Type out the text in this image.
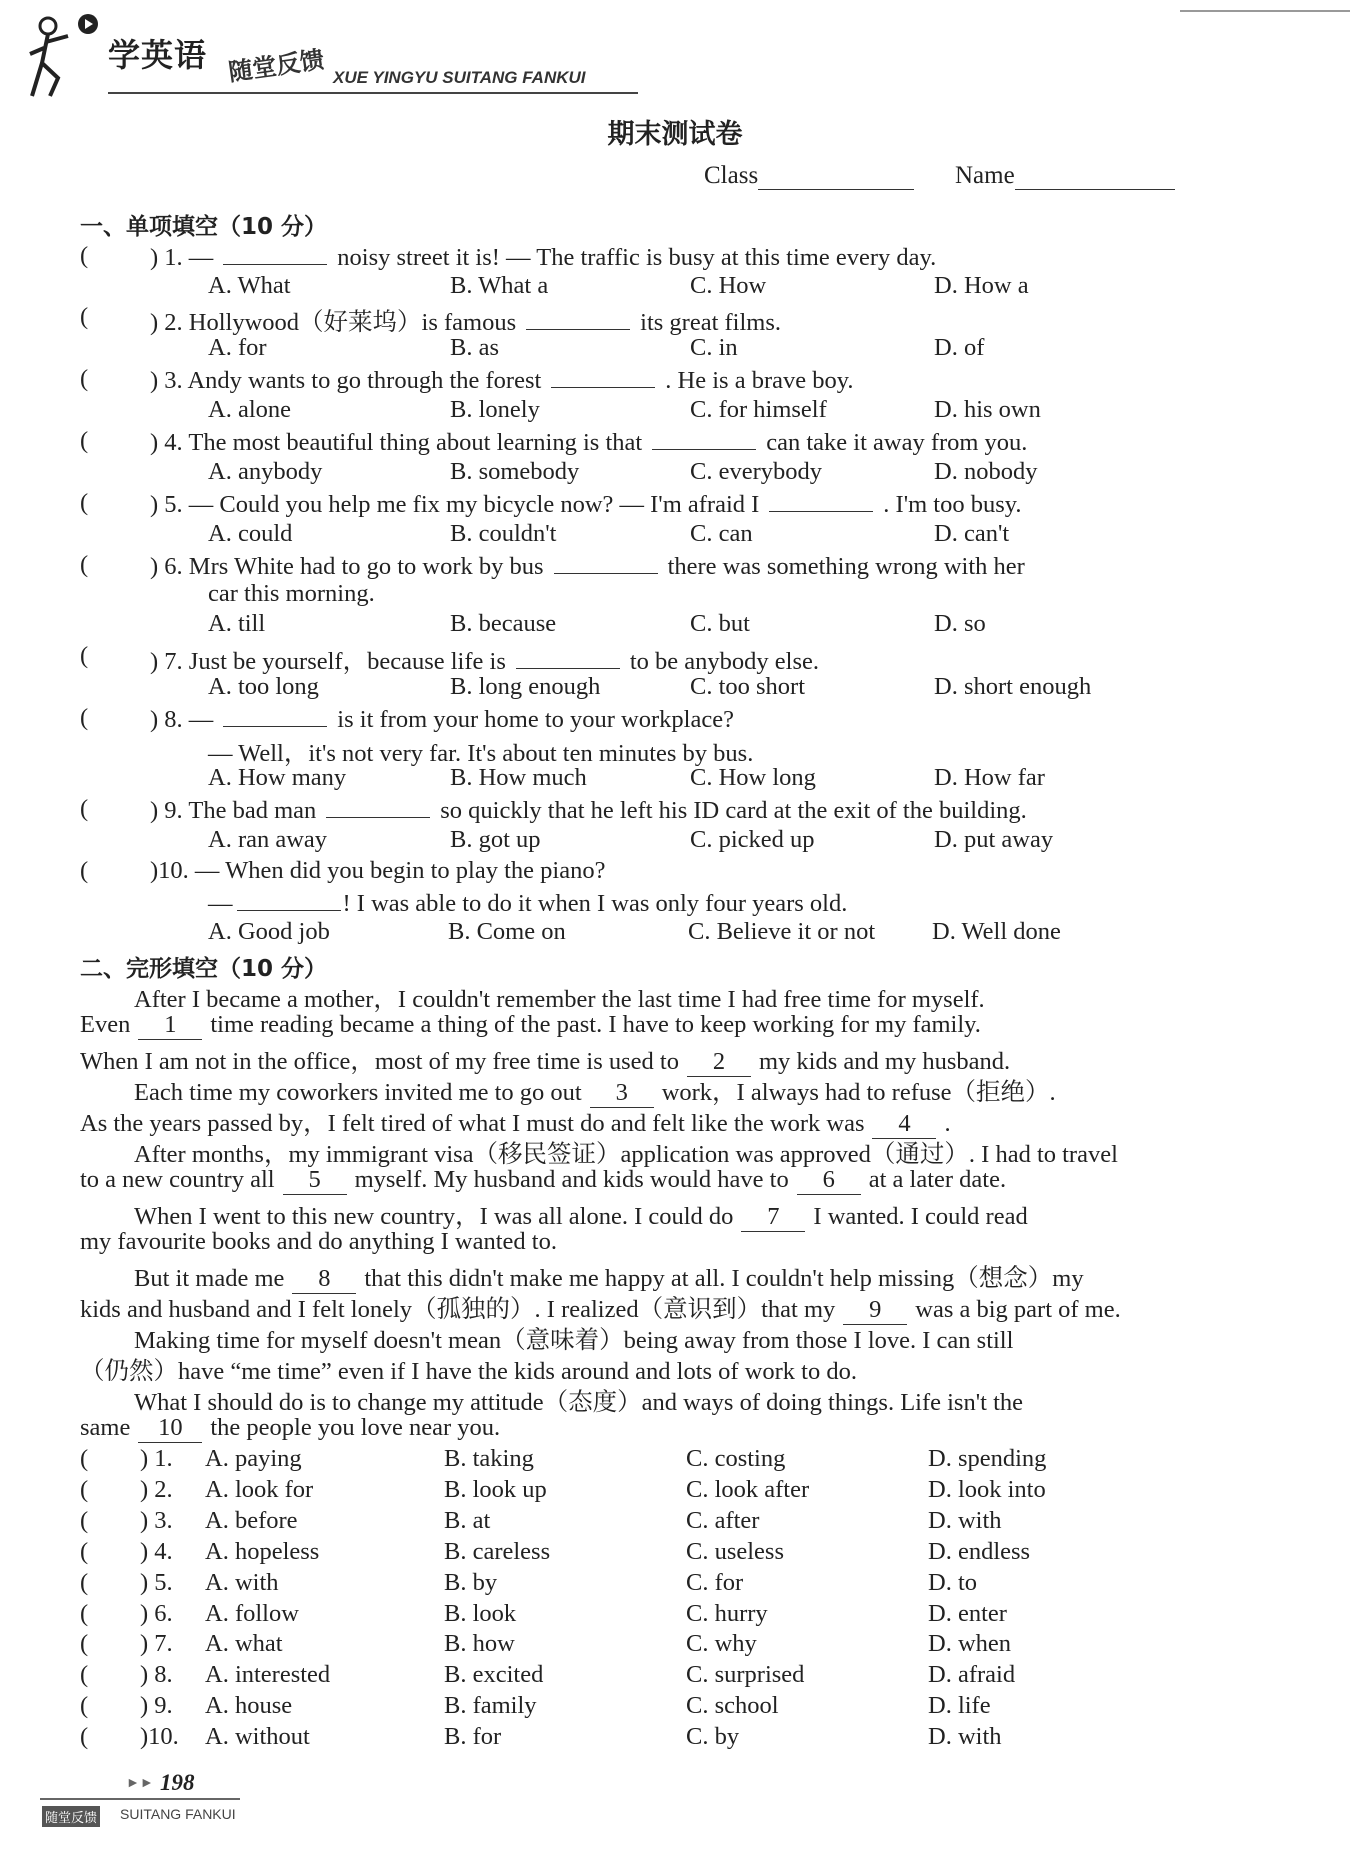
学英语 随堂反馈 XUE YINGYU SUITANG FANKUI
期末测试卷
Class	Name
一、单项填空（10 分）
(	) 1. —	noisy street it is! — The traffic is busy at this time every day.
A. What	B. What a	C. How	D. How a
(	) 2. Hollywood（好莱坞）is famous	its great films.
A. for	B. as	C. in	D. of
(	) 3. Andy wants to go through the forest	. He is a brave boy.
A. alone	B. lonely	C. for himself	D. his own
(	) 4. The most beautiful thing about learning is that	can take it away from you.
A. anybody	B. somebody	C. everybody	D. nobody
(	) 5. — Could you help me fix my bicycle now? — I'm afraid I	. I'm too busy.
A. could	B. couldn't	C. can	D. can't
(	) 6. Mrs White had to go to work by bus	there was something wrong with her
car this morning.
A. till	B. because	C. but	D. so
(	) 7. Just be yourself，because life is	to be anybody else.
A. too long	B. long enough	C. too short	D. short enough
(	) 8. —	is it from your home to your workplace?
— Well，it's not very far. It's about ten minutes by bus.
A. How many	B. How much	C. How long	D. How far
(	) 9. The bad man	so quickly that he left his ID card at the exit of the building.
A. ran away	B. got up	C. picked up	D. put away
(	)10. — When did you begin to play the piano?
—	! I was able to do it when I was only four years old.
A. Good job	B. Come on	C. Believe it or not D. Well done
二、完形填空（10 分）
After I became a mother，I couldn't remember the last time I had free time for myself.
Even 1 time reading became a thing of the past. I have to keep working for my family.
When I am not in the office，most of my free time is used to 2 my kids and my husband.
Each time my coworkers invited me to go out 3 work，I always had to refuse（拒绝）.
As the years passed by，I felt tired of what I must do and felt like the work was 4 .
After months，my immigrant visa（移民签证）application was approved（通过）. I had to travel
to a new country all 5 myself. My husband and kids would have to 6 at a later date.
When I went to this new country，I was all alone. I could do 7 I wanted. I could read
my favourite books and do anything I wanted to.
But it made me 8 that this didn't make me happy at all. I couldn't help missing（想念）my
kids and husband and I felt lonely（孤独的）. I realized（意识到）that my 9 was a big part of me.
Making time for myself doesn't mean（意味着）being away from those I love. I can still
（仍然）have “me time” even if I have the kids around and lots of work to do.
What I should do is to change my attitude（态度）and ways of doing things. Life isn't the
same 10 the people you love near you.
( ) 1. A. paying	B. taking	C. costing	D. spending
( ) 2. A. look for	B. look up	C. look after	D. look into
( ) 3. A. before	B. at	C. after	D. with
( ) 4. A. hopeless	B. careless	C. useless	D. endless
( ) 5. A. with	B. by	C. for	D. to
( ) 6. A. follow	B. look	C. hurry	D. enter
( ) 7. A. what	B. how	C. why	D. when
( ) 8. A. interested	B. excited	C. surprised	D. afraid
( ) 9. A. house	B. family	C. school	D. life
( )10. A. without	B. for	C. by	D. with
►► 198
随堂反馈 SUITANG FANKUI
